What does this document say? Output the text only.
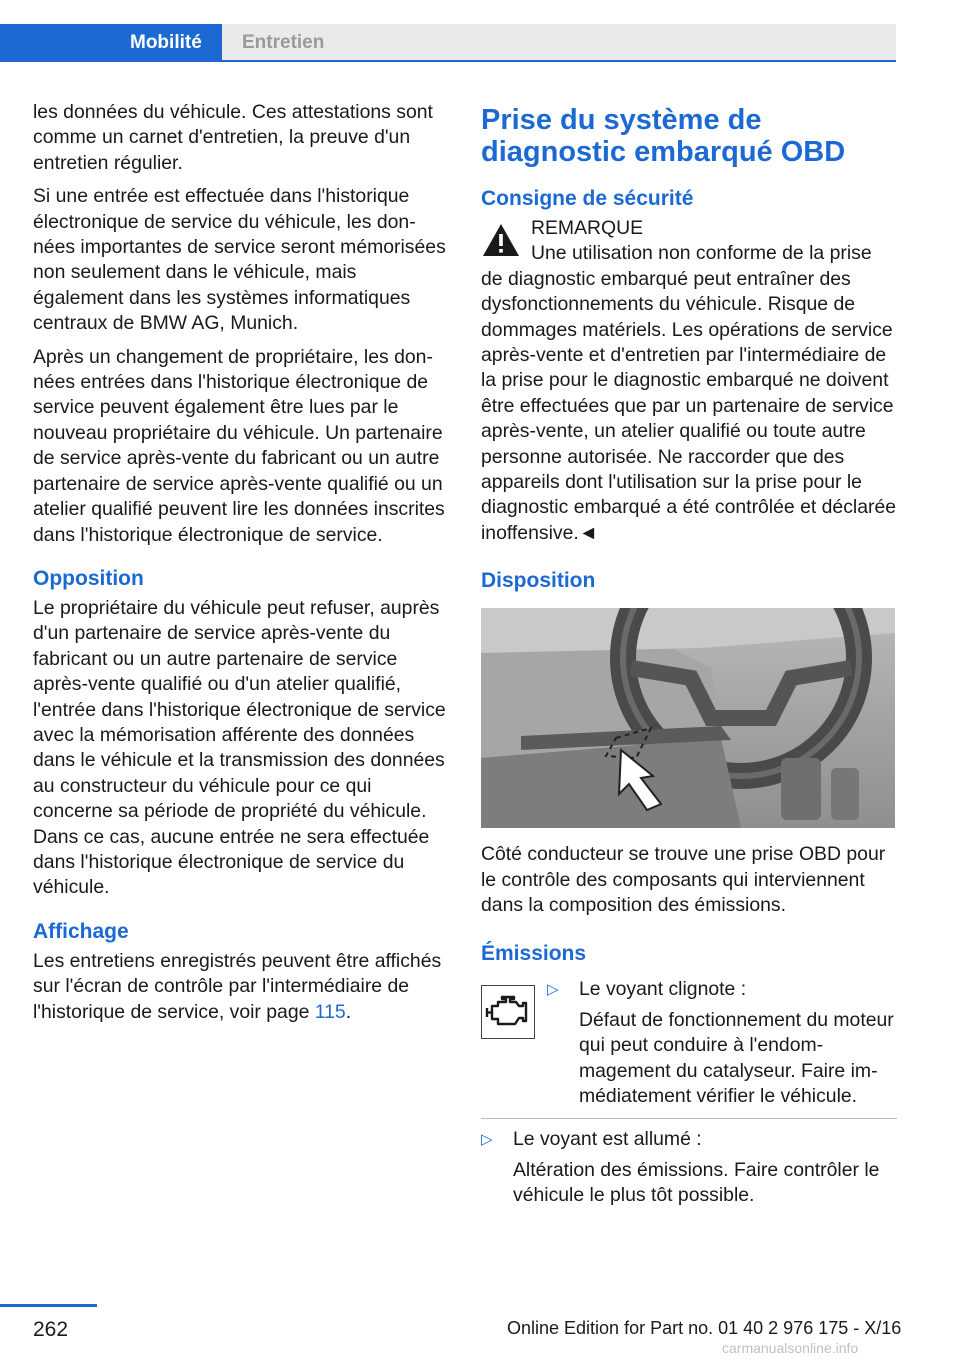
Mobilité	Entretien

les données du véhicule. Ces attestations sont comme un carnet d'entretien, la preuve d'un entretien régulier.

Si une entrée est effectuée dans l'historique électronique de service du véhicule, les données importantes de service seront mémorisées non seulement dans le véhicule, mais également dans les systèmes informatiques centraux de BMW AG, Munich.

Après un changement de propriétaire, les données entrées dans l'historique électronique de service peuvent également être lues par le nouveau propriétaire du véhicule. Un partenaire de service après-vente du fabricant ou un autre partenaire de service après-vente qualifié ou un atelier qualifié peuvent lire les données inscrites dans l'historique électronique de service.

Opposition

Le propriétaire du véhicule peut refuser, auprès d'un partenaire de service après-vente du fabricant ou un autre partenaire de service après-vente qualifié ou d'un atelier qualifié, l'entrée dans l'historique électronique de service avec la mémorisation afférente des données dans le véhicule et la transmission des données au constructeur du véhicule pour ce qui concerne sa période de propriété du véhicule. Dans ce cas, aucune entrée ne sera effectuée dans l'historique électronique de service du véhicule.

Affichage

Les entretiens enregistrés peuvent être affichés sur l'écran de contrôle par l'intermédiaire de l'historique de service, voir page 115.

Prise du système de diagnostic embarqué OBD
Consigne de sécurité
REMARQUE
Une utilisation non conforme de la prise
de diagnostic embarqué peut entraîner des dysfonctionnements du véhicule. Risque de dommages matériels. Les opérations de service après-vente et d'entretien par l'intermédiaire de la prise pour le diagnostic embarqué ne doivent être effectuées que par un partenaire de service après-vente, un atelier qualifié ou toute autre personne autorisée. Ne raccorder que des appareils dont l'utilisation sur la prise pour le diagnostic embarqué a été contrôlée et déclarée inoffensive.◄
Disposition

Côté conducteur se trouve une prise OBD pour le contrôle des composants qui interviennent dans la composition des émissions.

Émissions
▷ Le voyant clignote :
Défaut de fonctionnement du moteur qui peut conduire à l'endommagement du catalyseur. Faire immédiatement vérifier le véhicule.
▷ Le voyant est allumé :
Altération des émissions. Faire contrôler le véhicule le plus tôt possible.
262	Online Edition for Part no. 01 40 2 976 175 - X/16
carmanualsonline.info
